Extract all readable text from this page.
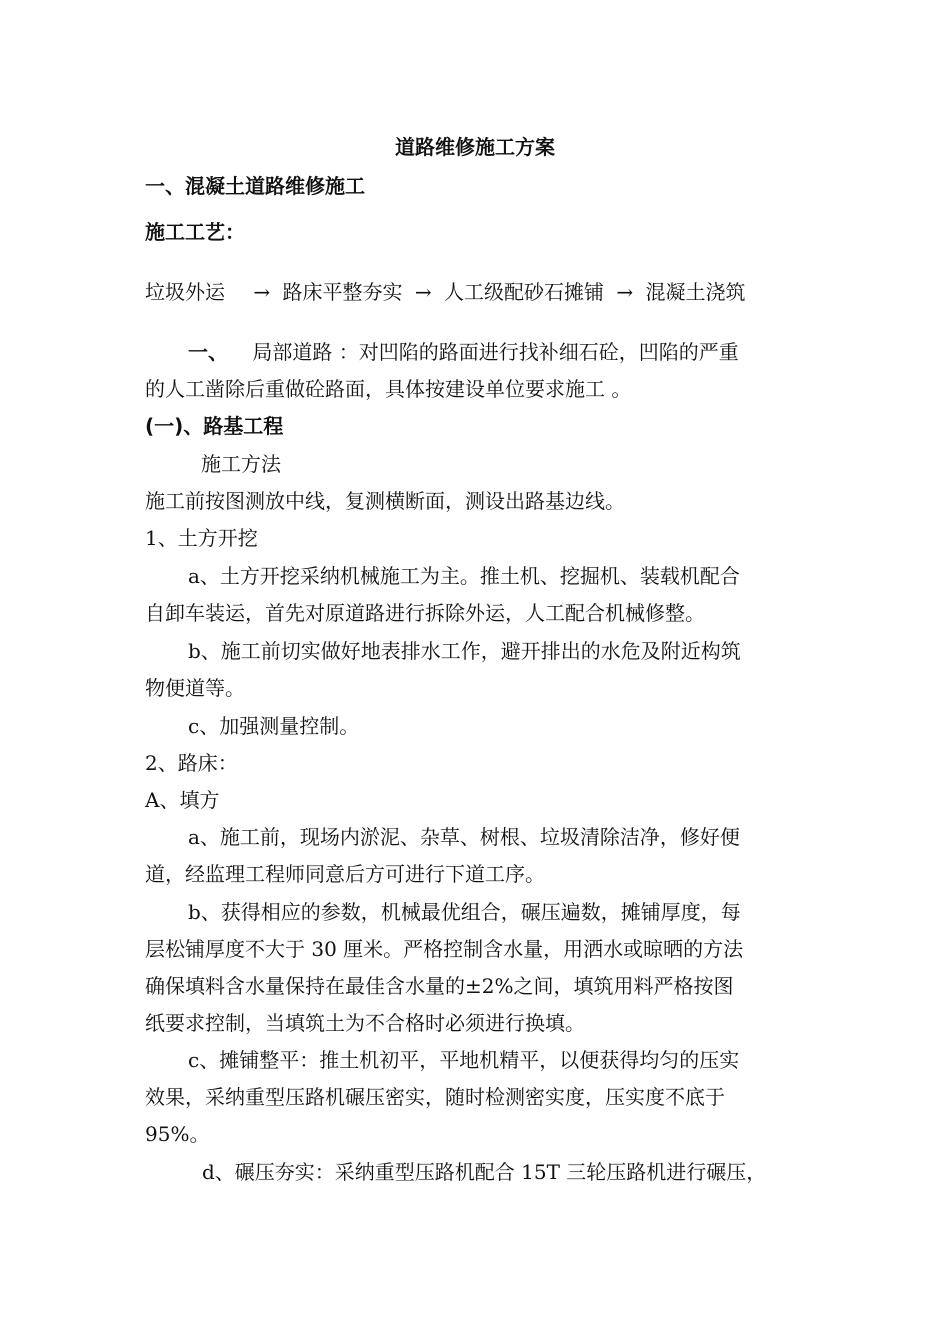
道路维修施工方案
一、混凝土道路维修施工
施工工艺：
垃圾外运 → 路床平整夯实 → 人工级配砂石摊铺 → 混凝土浇筑
一、 局部道路 ：对凹陷的路面进行找补细石砼，凹陷的严重
的人工凿除后重做砼路面，具体按建设单位要求施工 。
(一)、路基工程
施工方法
施工前按图测放中线，复测横断面，测设出路基边线。
1、土方开挖
a、土方开挖采纳机械施工为主。推土机、挖掘机、装载机配合
自卸车装运，首先对原道路进行拆除外运，人工配合机械修整。
b、施工前切实做好地表排水工作，避开排出的水危及附近构筑
物便道等。
c、加强测量控制。
2、路床：
A、填方
a、施工前，现场内淤泥、杂草、树根、垃圾清除洁净，修好便
道，经监理工程师同意后方可进行下道工序。
b、获得相应的参数，机械最优组合，碾压遍数，摊铺厚度，每
层松铺厚度不大于 30 厘米。严格控制含水量，用洒水或晾晒的方法
确保填料含水量保持在最佳含水量的±2%之间，填筑用料严格按图
纸要求控制，当填筑土为不合格时必须进行换填。
c、摊铺整平：推土机初平，平地机精平，以便获得均匀的压实
效果，采纳重型压路机碾压密实，随时检测密实度，压实度不底于
95%。
d、碾压夯实：采纳重型压路机配合 15T 三轮压路机进行碾压，
